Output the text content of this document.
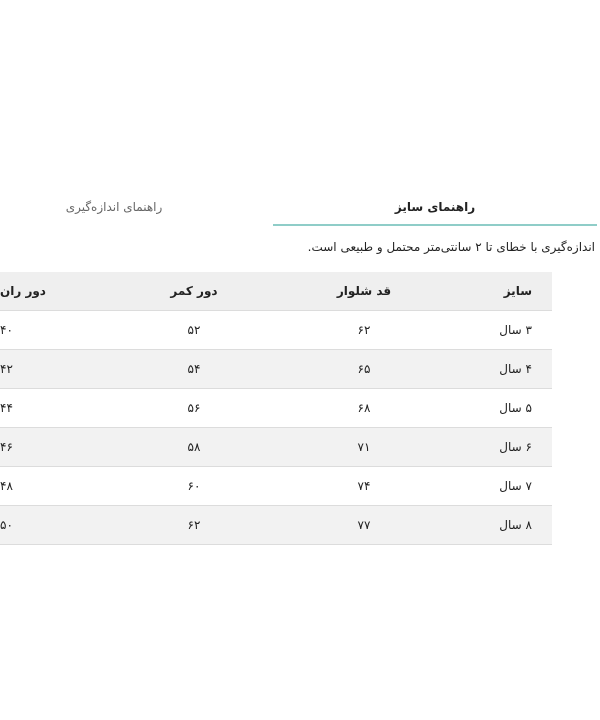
راهنمای سایز
راهنمای اندازه‌گیری
اندازه‌گیری با خطای تا ۲ سانتی‌متر محتمل و طبیعی است.
سایز
قد شلوار
دور کمر
دور ران
۳ سال
۶۲
۵۲
۴۰
۴ سال
۶۵
۵۴
۴۲
۵ سال
۶۸
۵۶
۴۴
۶ سال
۷۱
۵۸
۴۶
۷ سال
۷۴
۶۰
۴۸
۸ سال
۷۷
۶۲
۵۰
